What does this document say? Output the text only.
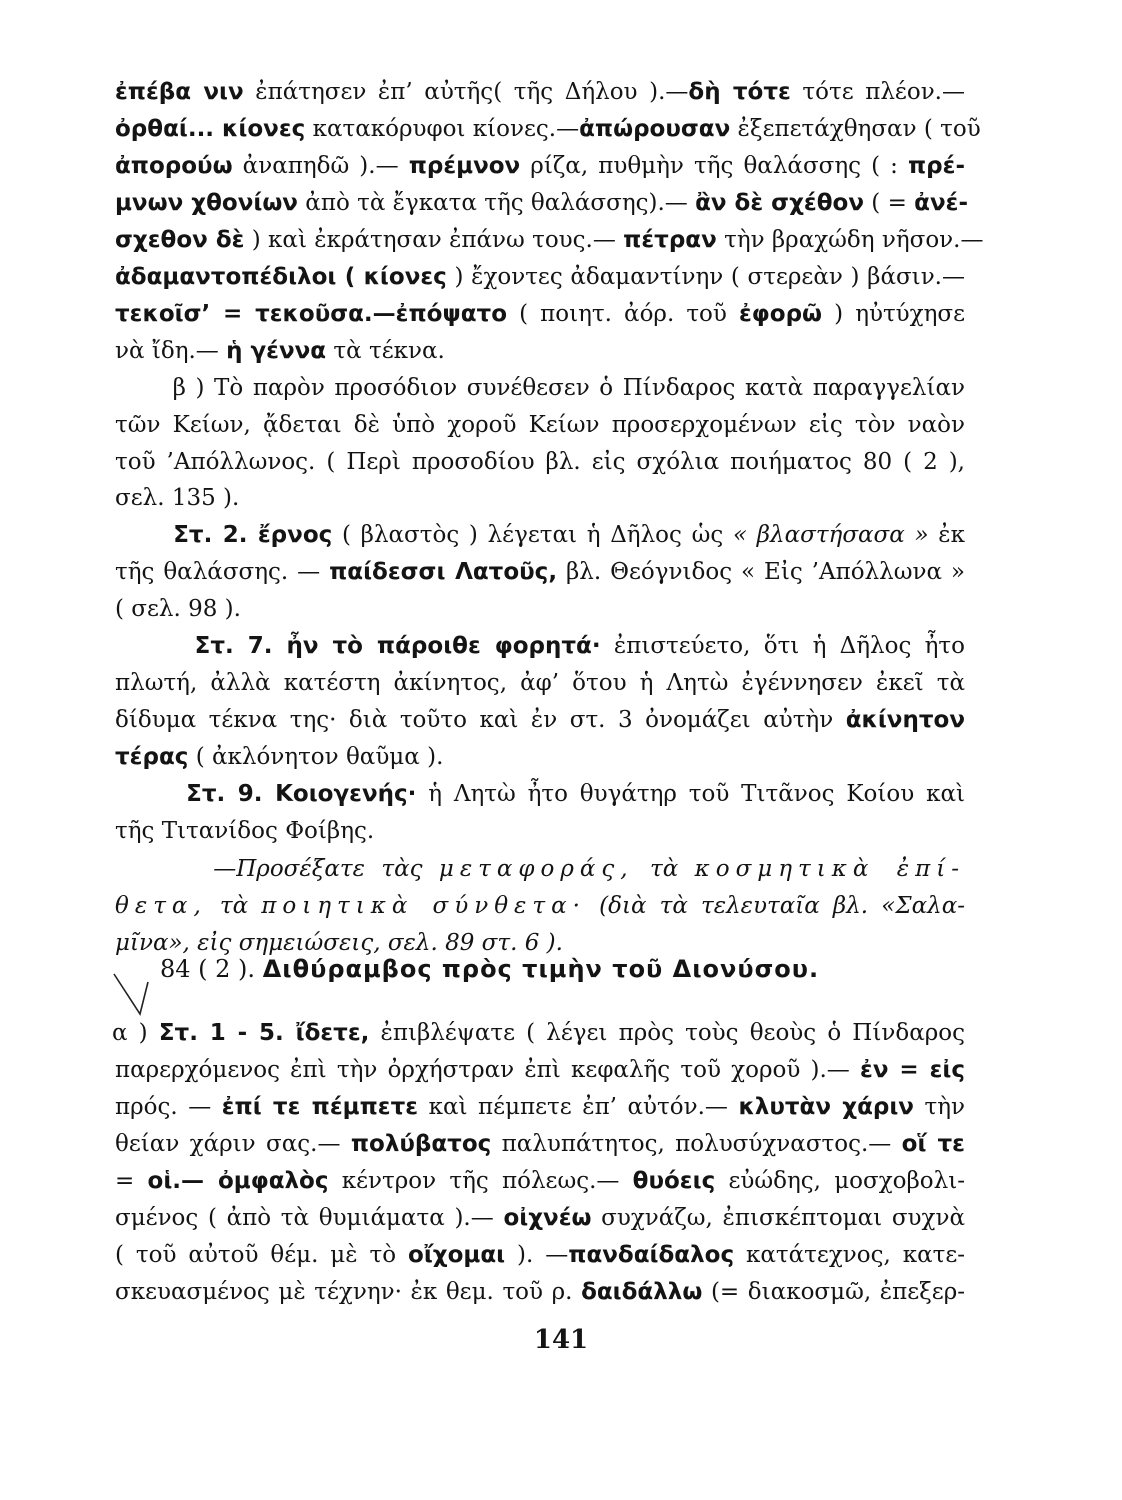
ἐπέβα νιν ἐπάτησεν ἐπ’ αὐτῆς( τῆς Δήλου ).—δὴ τότε τότε πλέον.—
ὀρθαί... κίονες κατακόρυφοι κίονες.—ἀπώρουσαν ἐξεπετάχθησαν ( τοῦ
ἀπορούω ἀναπηδῶ ).— πρέμνον ρίζα, πυθμὴν τῆς θαλάσσης ( : πρέ-
μνων χθονίων ἀπὸ τὰ ἔγκατα τῆς θαλάσσης).— ἂν δὲ σχέθον ( = ἀνέ-
σχεθον δὲ ) καὶ ἐκράτησαν ἐπάνω τους.— πέτραν τὴν βραχώδη νῆσον.—
ἀδαμαντοπέδιλοι ( κίονες ) ἔχοντες ἀδαμαντίνην ( στερεὰν ) βάσιν.—
τεκοῖσ’ = τεκοῦσα.—ἐπόψατο ( ποιητ. ἀόρ. τοῦ ἐφορῶ ) ηὐτύχησε
νὰ ἴδη.— ἡ γέννα τὰ τέκνα.
β ) Τὸ παρὸν προσόδιον συνέθεσεν ὁ Πίνδαρος κατὰ παραγγελίαν
τῶν Κείων, ᾄδεται δὲ ὑπὸ χοροῦ Κείων προσερχομένων εἰς τὸν ναὸν
τοῦ ’Απόλλωνος. ( Περὶ προσοδίου βλ. εἰς σχόλια ποιήματος 80 ( 2 ),
σελ. 135 ).
Στ. 2. ἔρνος ( βλαστὸς ) λέγεται ἡ Δῆλος ὡς « βλαστήσασα » ἐκ
τῆς θαλάσσης. — παίδεσσι Λατοῦς, βλ. Θεόγνιδος « Εἰς ’Απόλλωνα »
( σελ. 98 ).
Στ. 7. ἦν τὸ πάροιθε φορητά· ἐπιστεύετο, ὅτι ἡ Δῆλος ἦτο
πλωτή, ἀλλὰ κατέστη ἀκίνητος, ἀφ’ ὅτου ἡ Λητὼ ἐγέννησεν ἐκεῖ τὰ
δίδυμα τέκνα της· διὰ τοῦτο καὶ ἐν στ. 3 ὀνομάζει αὐτὴν ἀκίνητον
τέρας ( ἀκλόνητον θαῦμα ).
Στ. 9. Κοιογενής· ἡ Λητὼ ἦτο θυγάτηρ τοῦ Τιτᾶνος Κοίου καὶ
τῆς Τιτανίδος Φοίβης.
—Προσέξατε τὰς μεταφοράς, τὰ κοσμητικὰ ἐπί-
θετα, τὰ ποιητικὰ σύνθετα· (διὰ τὰ τελευταῖα βλ. «Σαλα-
μῖνα», εἰς σημειώσεις, σελ. 89 στ. 6 ).
α ) Στ. 1 - 5. ἴδετε, ἐπιβλέψατε ( λέγει πρὸς τοὺς θεοὺς ὁ Πίνδαρος
παρερχόμενος ἐπὶ τὴν ὀρχήστραν ἐπὶ κεφαλῆς τοῦ χοροῦ ).— ἐν = εἰς
πρός. — ἐπί τε πέμπετε καὶ πέμπετε ἐπ’ αὐτόν.— κλυτὰν χάριν τὴν
θείαν χάριν σας.— πολύβατος παλυπάτητος, πολυσύχναστος.— οἵ τε
= οἱ.— ὀμφαλὸς κέντρον τῆς πόλεως.— θυόεις εὐώδης, μοσχοβολι-
σμένος ( ἀπὸ τὰ θυμιάματα ).— οἰχνέω συχνάζω, ἐπισκέπτομαι συχνὰ
( τοῦ αὐτοῦ θέμ. μὲ τὸ οἴχομαι ). —πανδαίδαλος κατάτεχνος, κατε-
σκευασμένος μὲ τέχνην· ἐκ θεμ. τοῦ ρ. δαιδάλλω (= διακοσμῶ, ἐπεξερ-
84 ( 2 ). Διθύραμβος πρὸς τιμὴν τοῦ Διονύσου.
141
